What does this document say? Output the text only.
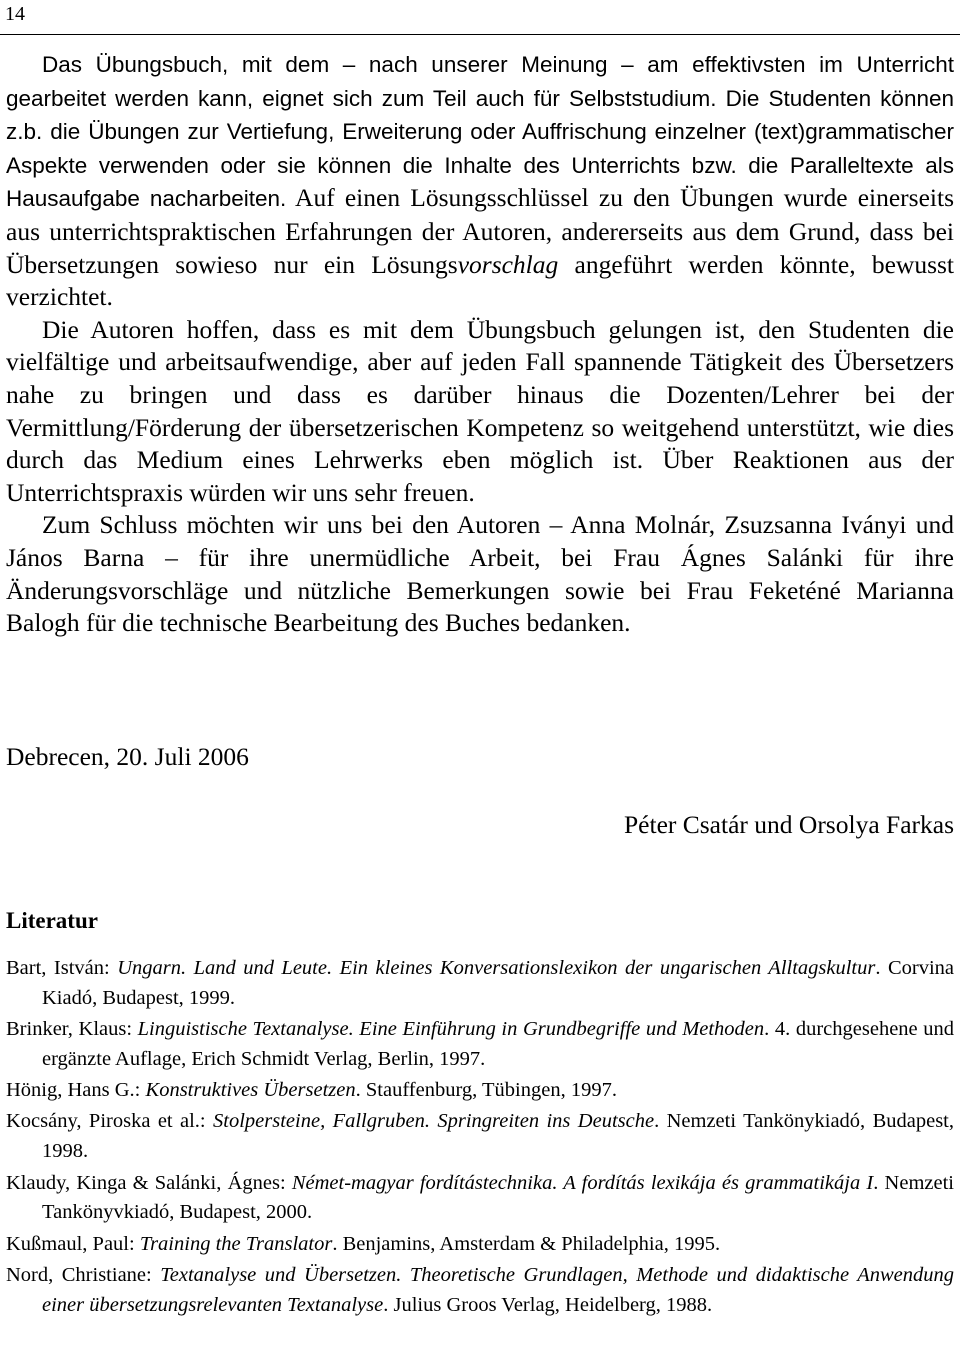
14

Das Übungsbuch, mit dem – nach unserer Meinung – am effektivsten im Unterricht gearbeitet werden kann, eignet sich zum Teil auch für Selbststudium. Die Studenten können z.b. die Übungen zur Vertiefung, Erweiterung oder Auffrischung einzelner (text)grammatischer Aspekte verwenden oder sie können die Inhalte des Unterrichts bzw. die Paralleltexte als Hausaufgabe nacharbeiten. Auf einen Lösungsschlüssel zu den Übungen wurde einerseits aus unterrichtspraktischen Erfahrungen der Autoren, andererseits aus dem Grund, dass bei Übersetzungen sowieso nur ein Lösungsvorschlag angeführt werden könnte, bewusst verzichtet.

Die Autoren hoffen, dass es mit dem Übungsbuch gelungen ist, den Studenten die vielfältige und arbeitsaufwendige, aber auf jeden Fall spannende Tätigkeit des Übersetzers nahe zu bringen und dass es darüber hinaus die Dozenten/Lehrer bei der Vermittlung/Förderung der übersetzerischen Kompetenz so weitgehend unterstützt, wie dies durch das Medium eines Lehrwerks eben möglich ist. Über Reaktionen aus der Unterrichtspraxis würden wir uns sehr freuen.

Zum Schluss möchten wir uns bei den Autoren – Anna Molnár, Zsuzsanna Iványi und János Barna – für ihre unermüdliche Arbeit, bei Frau Ágnes Salánki für ihre Änderungsvorschläge und nützliche Bemerkungen sowie bei Frau Feketéné Marianna Balogh für die technische Bearbeitung des Buches bedanken.

Debrecen, 20. Juli 2006
Péter Csatár und Orsolya Farkas
Literatur
Bart, István: Ungarn. Land und Leute. Ein kleines Konversationslexikon der ungarischen Alltagskultur. Corvina Kiadó, Budapest, 1999.
Brinker, Klaus: Linguistische Textanalyse. Eine Einführung in Grundbegriffe und Methoden. 4. durchgesehene und ergänzte Auflage, Erich Schmidt Verlag, Berlin, 1997.
Hönig, Hans G.: Konstruktives Übersetzen. Stauffenburg, Tübingen, 1997.
Kocsány, Piroska et al.: Stolpersteine, Fallgruben. Springreiten ins Deutsche. Nemzeti Tankönykiadó, Budapest, 1998.
Klaudy, Kinga & Salánki, Ágnes: Német-magyar fordítástechnika. A fordítás lexikája és grammatikája I. Nemzeti Tankönyvkiadó, Budapest, 2000.
Kußmaul, Paul: Training the Translator. Benjamins, Amsterdam & Philadelphia, 1995.
Nord, Christiane: Textanalyse und Übersetzen. Theoretische Grundlagen, Methode und didaktische Anwendung einer übersetzungsrelevanten Textanalyse. Julius Groos Verlag, Heidelberg, 1988.
